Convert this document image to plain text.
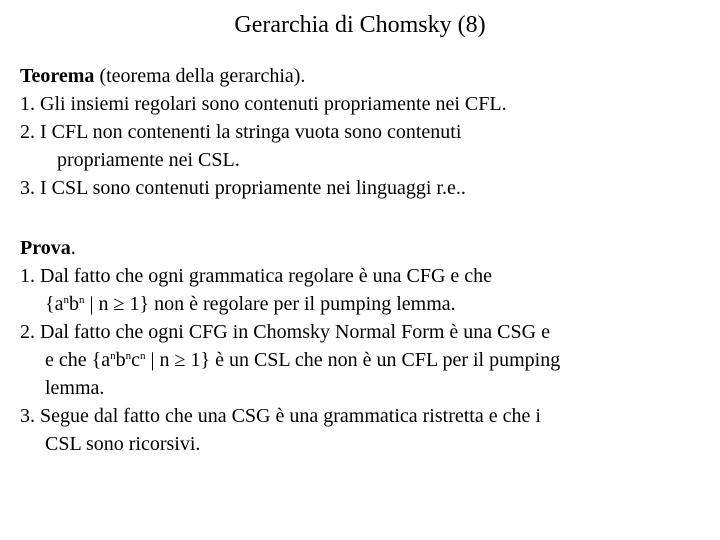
Gerarchia di Chomsky (8)
Teorema (teorema della gerarchia).
1. Gli insiemi regolari sono contenuti propriamente nei CFL.
2. I CFL non contenenti la stringa vuota sono contenuti
propriamente nei CSL.
3. I CSL sono contenuti propriamente nei linguaggi r.e..
Prova.
1. Dal fatto che ogni grammatica regolare è una CFG e che
{$a^nb^n$ | n ≥ 1} non è regolare per il pumping lemma.
2. Dal fatto che ogni CFG in Chomsky Normal Form è una CSG e
e che {$a^nb^nc^n$ | n ≥ 1} è un CSL che non è un CFL per il pumping
lemma.
3. Segue dal fatto che una CSG è una grammatica ristretta e che i
CSL sono ricorsivi.
